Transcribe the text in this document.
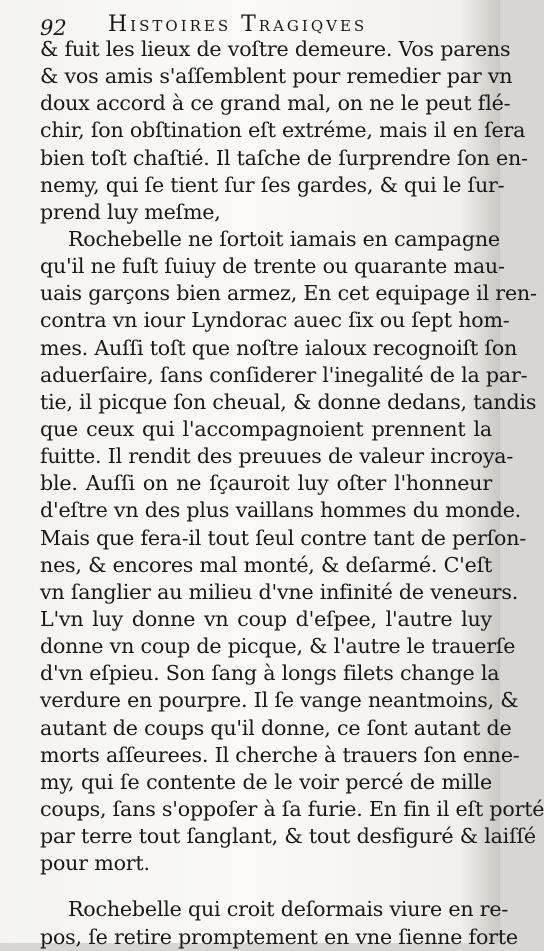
92 Histoires Tragiqves
& fuit les lieux de voſtre demeure. Vos parens
& vos amis s'aſſemblent pour remedier par vn
doux accord à ce grand mal, on ne le peut flé-
chir, ſon obſtination eſt extréme, mais il en ſera
bien toſt chaſtié. Il taſche de ſurprendre ſon en-
nemy, qui ſe tient ſur ſes gardes, & qui le ſur-
prend luy meſme,
Rochebelle ne ſortoit iamais en campagne
qu'il ne fuſt ſuiuy de trente ou quarante mau-
uais garçons bien armez, En cet equipage il ren-
contra vn iour Lyndorac auec ſix ou ſept hom-
mes. Auſſi toſt que noſtre ialoux recognoiſt ſon
aduerſaire, ſans conſiderer l'inegalité de la par-
tie, il picque ſon cheual, & donne dedans, tandis
que ceux qui l'accompagnoient prennent la
fuitte. Il rendit des preuues de valeur incroya-
ble. Auſſi on ne ſçauroit luy oſter l'honneur
d'eſtre vn des plus vaillans hommes du monde.
Mais que fera-il tout ſeul contre tant de perſon-
nes, & encores mal monté, & deſarmé. C'eſt
vn ſanglier au milieu d'vne infinité de veneurs.
L'vn luy donne vn coup d'eſpee, l'autre luy
donne vn coup de picque, & l'autre le trauerſe
d'vn eſpieu. Son ſang à longs filets change la
verdure en pourpre. Il ſe vange neantmoins, &
autant de coups qu'il donne, ce ſont autant de
morts aſſeurees. Il cherche à trauers ſon enne-
my, qui ſe contente de le voir percé de mille
coups, ſans s'oppoſer à ſa furie. En fin il eſt porté
par terre tout ſanglant, & tout desfiguré & laiſſé
pour mort.
Rochebelle qui croit deſormais viure en re-
pos, ſe retire promptement en vne ſienne forte
